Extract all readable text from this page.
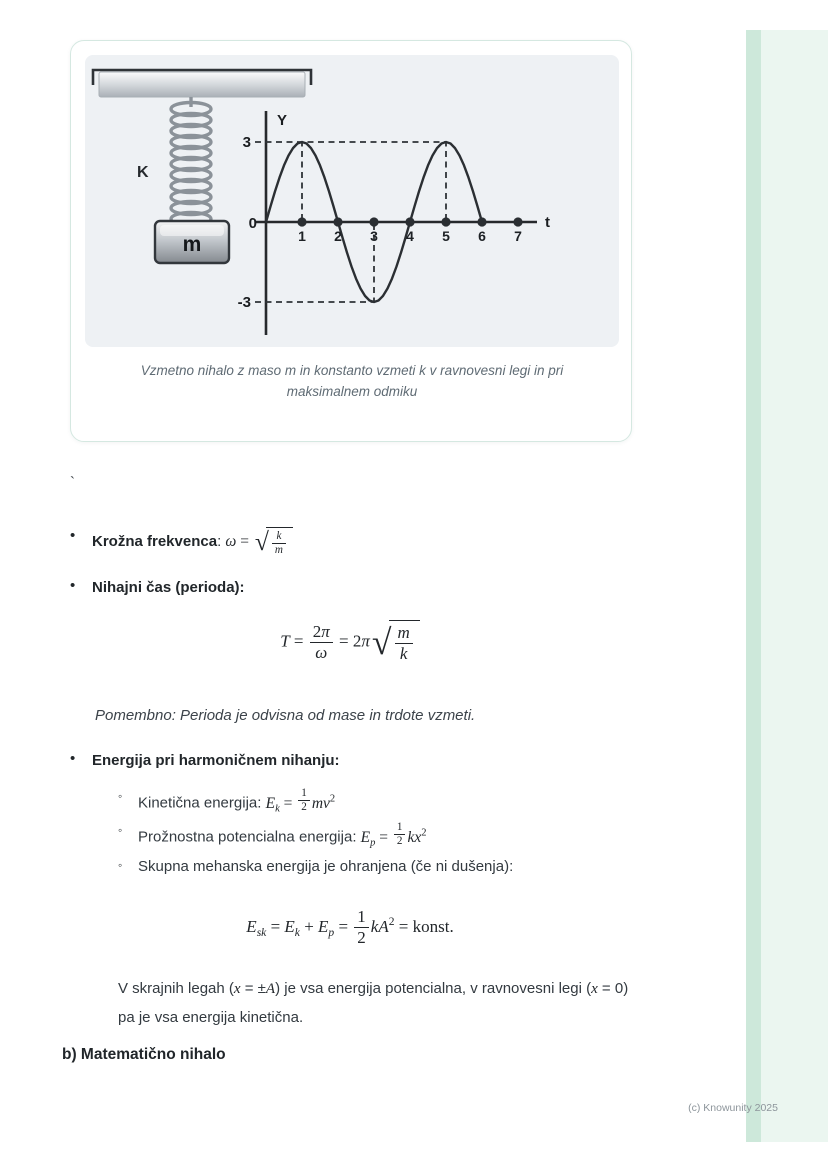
K
m
Y
t
0
3
-3
1 2 3 4 5 6 7

Vzmetno nihalo z maso m in konstanto vzmeti k v ravnovesni legi in pri maksimalnem odmiku

`
•	Krožna frekvenca: ω = √ $\frac{k}{m}$
•	Nihajni čas (perioda):
$T = \frac{2\pi}{\omega} = 2\pi$ √ $\frac{m}{k}$
Pomembno: Perioda je odvisna od mase in trdote vzmeti.
•	Energija pri harmoničnem nihanju:
◦	Kinetična energija: $E_k = \frac{1}{2} mv^2$
◦	Prožnostna potencialna energija: $E_p = \frac{1}{2} kx^2$
◦	Skupna mehanska energija je ohranjena (če ni dušenja):
$E_{sk} = E_k + E_p = \frac{1}{2} kA^2$ = konst.

V skrajnih legah (x = ±A) je vsa energija potencialna, v ravnovesni legi (x = 0) pa je vsa energija kinetična.

b) Matematično nihalo
(c) Knowunity 2025
